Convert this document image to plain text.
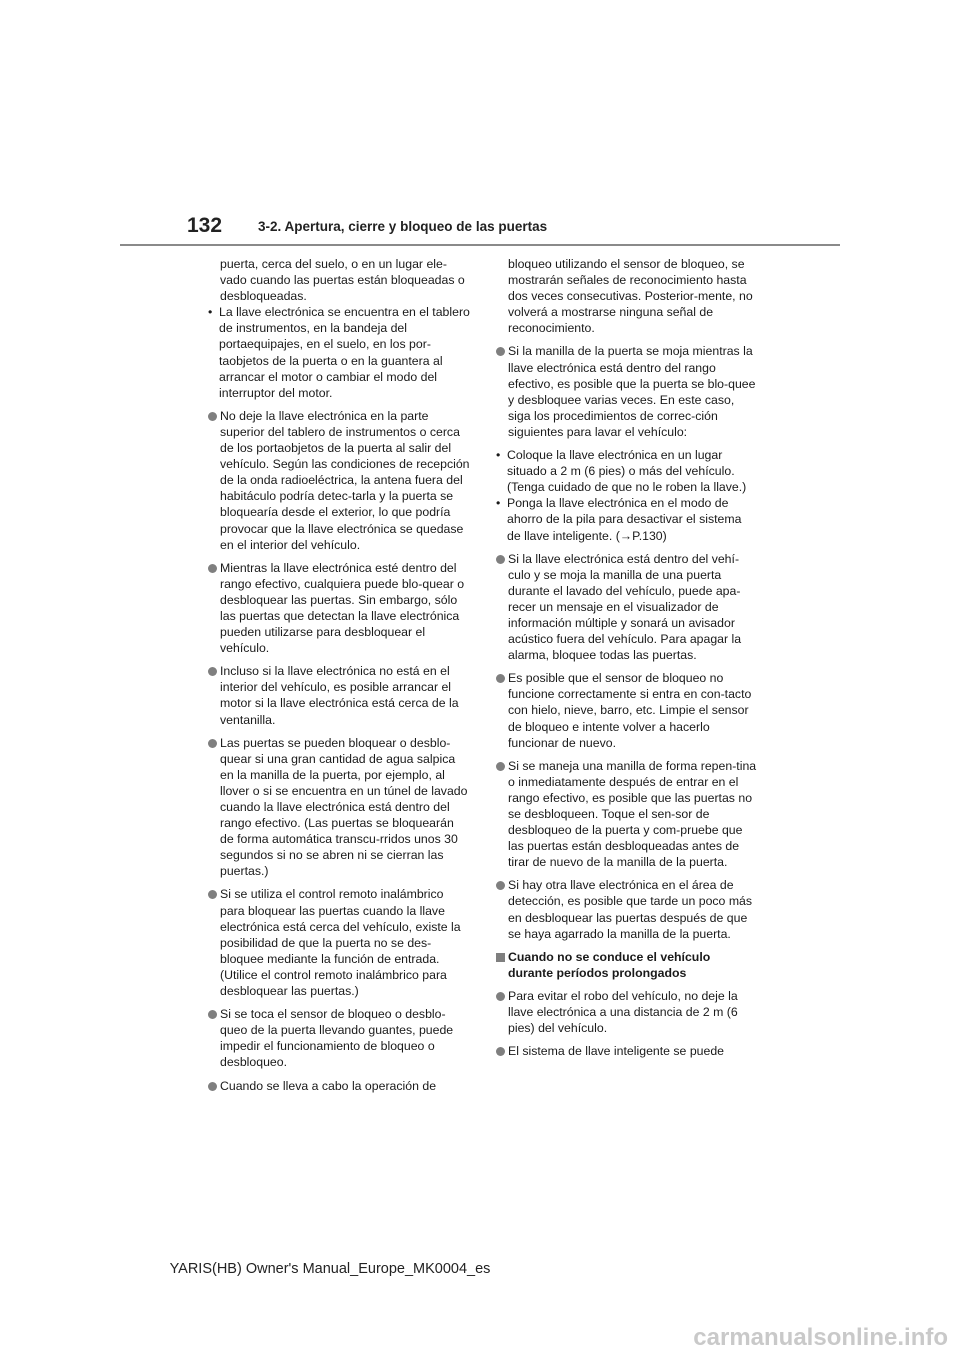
132	3-2. Apertura, cierre y bloqueo de las puertas
puerta, cerca del suelo, o en un lugar ele-vado cuando las puertas están bloqueadas o desbloqueadas.
• La llave electrónica se encuentra en el tablero de instrumentos, en la bandeja del portaequipajes, en el suelo, en los por-taobjetos de la puerta o en la guantera al arrancar el motor o cambiar el modo del interruptor del motor.
No deje la llave electrónica en la parte superior del tablero de instrumentos o cerca de los portaobjetos de la puerta al salir del vehículo. Según las condiciones de recepción de la onda radioeléctrica, la antena fuera del habitáculo podría detec-tarla y la puerta se bloquearía desde el exterior, lo que podría provocar que la llave electrónica se quedase en el interior del vehículo.
Mientras la llave electrónica esté dentro del rango efectivo, cualquiera puede blo-quear o desbloquear las puertas. Sin embargo, sólo las puertas que detectan la llave electrónica pueden utilizarse para desbloquear el vehículo.
Incluso si la llave electrónica no está en el interior del vehículo, es posible arrancar el motor si la llave electrónica está cerca de la ventanilla.
Las puertas se pueden bloquear o desblo-quear si una gran cantidad de agua salpica en la manilla de la puerta, por ejemplo, al llover o si se encuentra en un túnel de lavado cuando la llave electrónica está dentro del rango efectivo. (Las puertas se bloquearán de forma automática transcu-rridos unos 30 segundos si no se abren ni se cierran las puertas.)
Si se utiliza el control remoto inalámbrico para bloquear las puertas cuando la llave electrónica está cerca del vehículo, existe la posibilidad de que la puerta no se des-bloquee mediante la función de entrada. (Utilice el control remoto inalámbrico para desbloquear las puertas.)
Si se toca el sensor de bloqueo o desblo-queo de la puerta llevando guantes, puede impedir el funcionamiento de bloqueo o desbloqueo.
Cuando se lleva a cabo la operación de
bloqueo utilizando el sensor de bloqueo, se mostrarán señales de reconocimiento hasta dos veces consecutivas. Posterior-mente, no volverá a mostrarse ninguna señal de reconocimiento.
Si la manilla de la puerta se moja mientras la llave electrónica está dentro del rango efectivo, es posible que la puerta se blo-quee y desbloquee varias veces. En este caso, siga los procedimientos de correc-ción siguientes para lavar el vehículo:
• Coloque la llave electrónica en un lugar situado a 2 m (6 pies) o más del vehículo. (Tenga cuidado de que no le roben la llave.)
• Ponga la llave electrónica en el modo de ahorro de la pila para desactivar el sistema de llave inteligente. (→P.130)
Si la llave electrónica está dentro del vehí-culo y se moja la manilla de una puerta durante el lavado del vehículo, puede apa-recer un mensaje en el visualizador de información múltiple y sonará un avisador acústico fuera del vehículo. Para apagar la alarma, bloquee todas las puertas.
Es posible que el sensor de bloqueo no funcione correctamente si entra en con-tacto con hielo, nieve, barro, etc. Limpie el sensor de bloqueo e intente volver a hacerlo funcionar de nuevo.
Si se maneja una manilla de forma repen-tina o inmediatamente después de entrar en el rango efectivo, es posible que las puertas no se desbloqueen. Toque el sen-sor de desbloqueo de la puerta y com-pruebe que las puertas están desbloqueadas antes de tirar de nuevo de la manilla de la puerta.
Si hay otra llave electrónica en el área de detección, es posible que tarde un poco más en desbloquear las puertas después de que se haya agarrado la manilla de la puerta.
Cuando no se conduce el vehículo durante períodos prolongados
Para evitar el robo del vehículo, no deje la llave electrónica a una distancia de 2 m (6 pies) del vehículo.
El sistema de llave inteligente se puede
YARIS(HB) Owner's Manual_Europe_MK0004_es
carmanualsonline.info
